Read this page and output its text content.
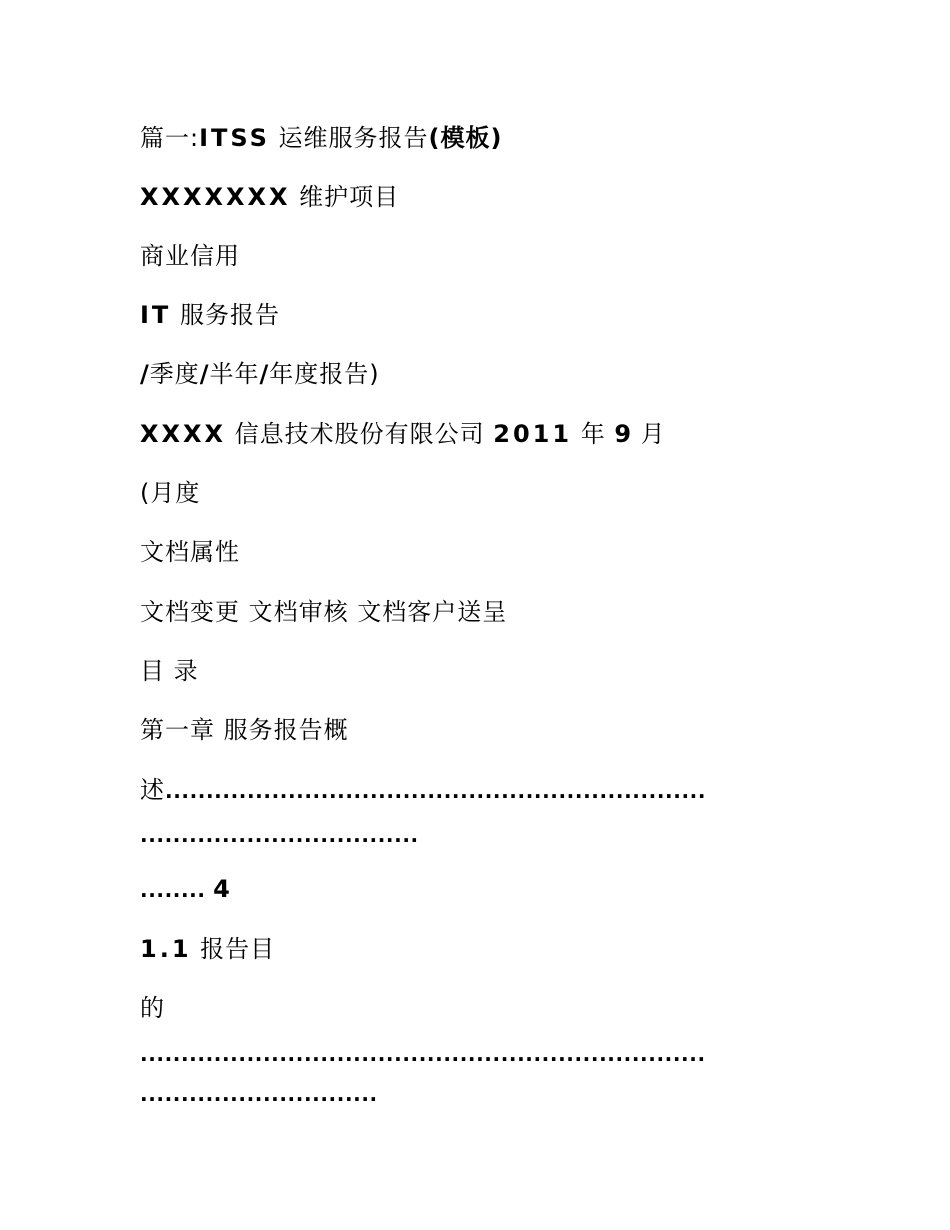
篇一:ITSS 运维服务报告(模板)
XXXXXXX 维护项目
商业信用
IT 服务报告
/季度/半年/年度报告)
XXXX 信息技术股份有限公司 2011 年 9 月
(月度
文档属性
文档变更 文档审核 文档客户送呈
目 录
第一章 服务报告概
述..................................................................
..................................
........ 4
1.1 报告目
的
.....................................................................
.............................
